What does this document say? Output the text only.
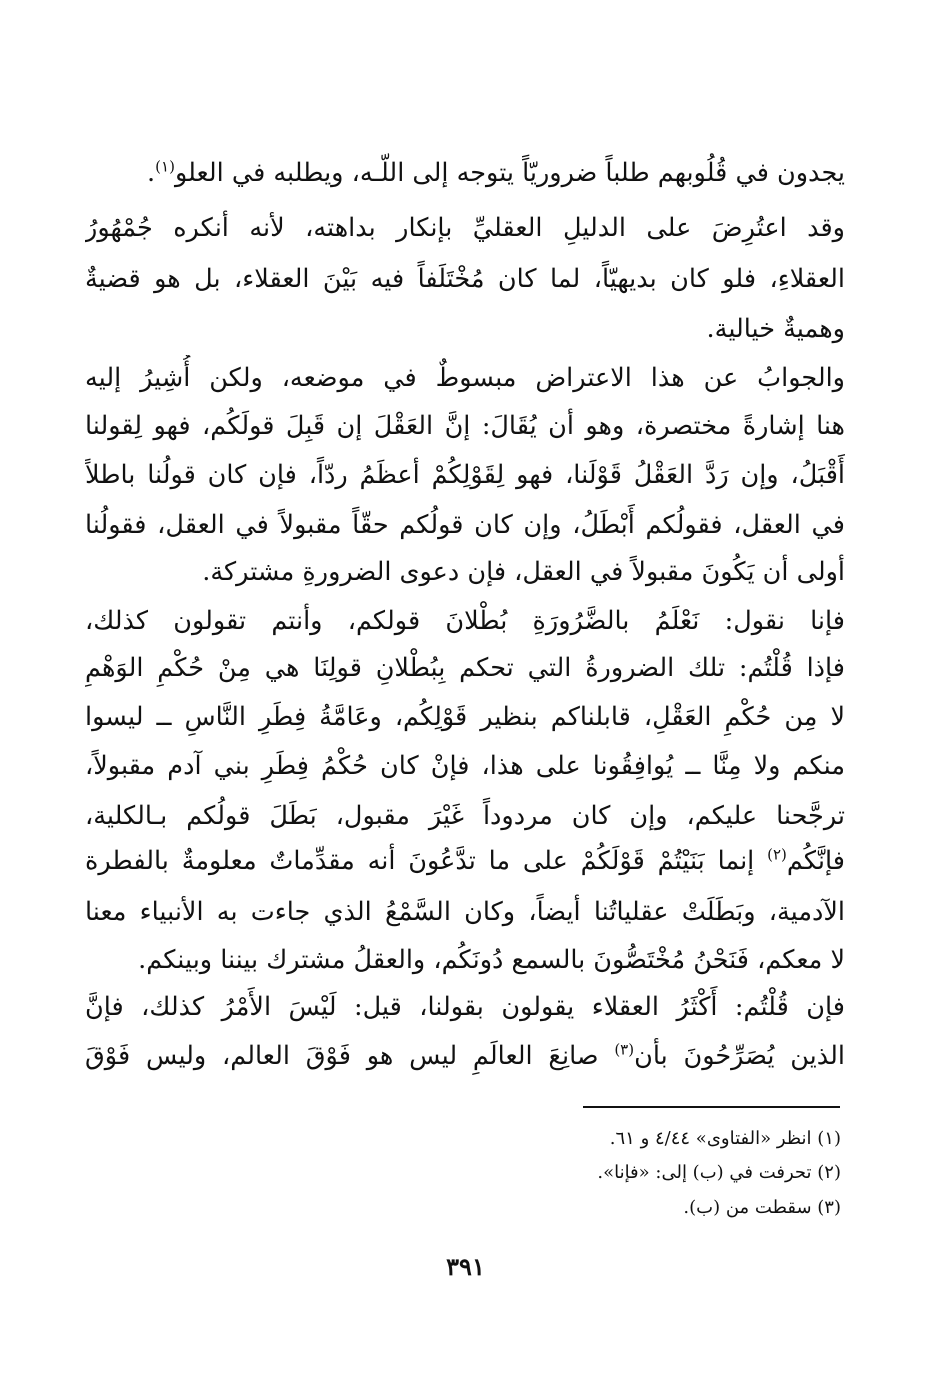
يجدون في قُلُوبهم طلباً ضروريّاً يتوجه إلى اللّـه، ويطلبه في العلو$^{(١)}$.
وقد اعتُرِضَ على الدليلِ العقليِّ بإنكار بداهته، لأنه أنكره جُمْهُورُ
العقلاءِ، فلو كان بديهيّاً، لما كان مُخْتَلَفاً فيه بَيْنَ العقلاء، بل هو قضيةٌ
وهميةٌ خيالية.
والجوابُ عن هذا الاعتراض مبسوطٌ في موضعه، ولكن أُشِيرُ إليه
هنا إشارةً مختصرة، وهو أن يُقَالَ: إنَّ العَقْلَ إن قَبِلَ قولَكُم، فهو لِقولنا
أَقْبَلُ، وإن رَدَّ العَقْلُ قَوْلَنا، فهو لِقَوْلِكُمْ أعظَمُ ردّاً، فإن كان قولُنا باطلاً
في العقل، فقولُكم أَبْطَلُ، وإن كان قولُكم حقّاً مقبولاً في العقل، فقولُنا
أولى أن يَكُونَ مقبولاً في العقل، فإن دعوى الضرورةِ مشتركة.
فإنا نقول: نَعْلَمُ بالضَّرُورَةِ بُطْلانَ قولكم، وأنتم تقولون كذلك،
فإذا قُلْتُم: تلك الضرورةُ التي تحكم بِبُطْلانِ قولِنَا هي مِنْ حُكْمِ الوَهْمِ
لا مِن حُكْمِ العَقْلِ، قابلناكم بنظير قَوْلِكُم، وعَامَّةُ فِطَرِ النَّاسِ ــ ليسوا
منكم ولا مِنَّا ــ يُوافِقُونا على هذا، فإنْ كان حُكْمُ فِطَرِ بني آدم مقبولاً،
ترجَّحنا عليكم، وإن كان مردوداً غَيْرَ مقبول، بَطَلَ قولُكم بـالكلية،
فإنَّكُم$^{(٢)}$ إنما بَنَيْتُمْ قَوْلَكُمْ على ما تدَّعُونَ أنه مقدِّماتٌ معلومةٌ بالفطرة
الآدمية، وبَطَلَتْ عقلياتُنا أيضاً، وكان السَّمْعُ الذي جاءت به الأنبياء معنا
لا معكم، فَنَحْنُ مُخْتَصُّونَ بالسمع دُونَكُم، والعقلُ مشترك بيننا وبينكم.
فإن قُلْتُم: أَكْثَرُ العقلاء يقولون بقولنا، قيل: لَيْسَ الأَمْرُ كذلك، فإنَّ
الذين يُصَرِّحُونَ بأن$^{(٣)}$ صانِعَ العالَمِ ليس هو فَوْقَ العالم، وليس فَوْقَ
(١) انظر «الفتاوى» ٤/٤٤ و ٦١.
(٢) تحرفت في (ب) إلى: «فإنا».
(٣) سقطت من (ب).
٣٩١
